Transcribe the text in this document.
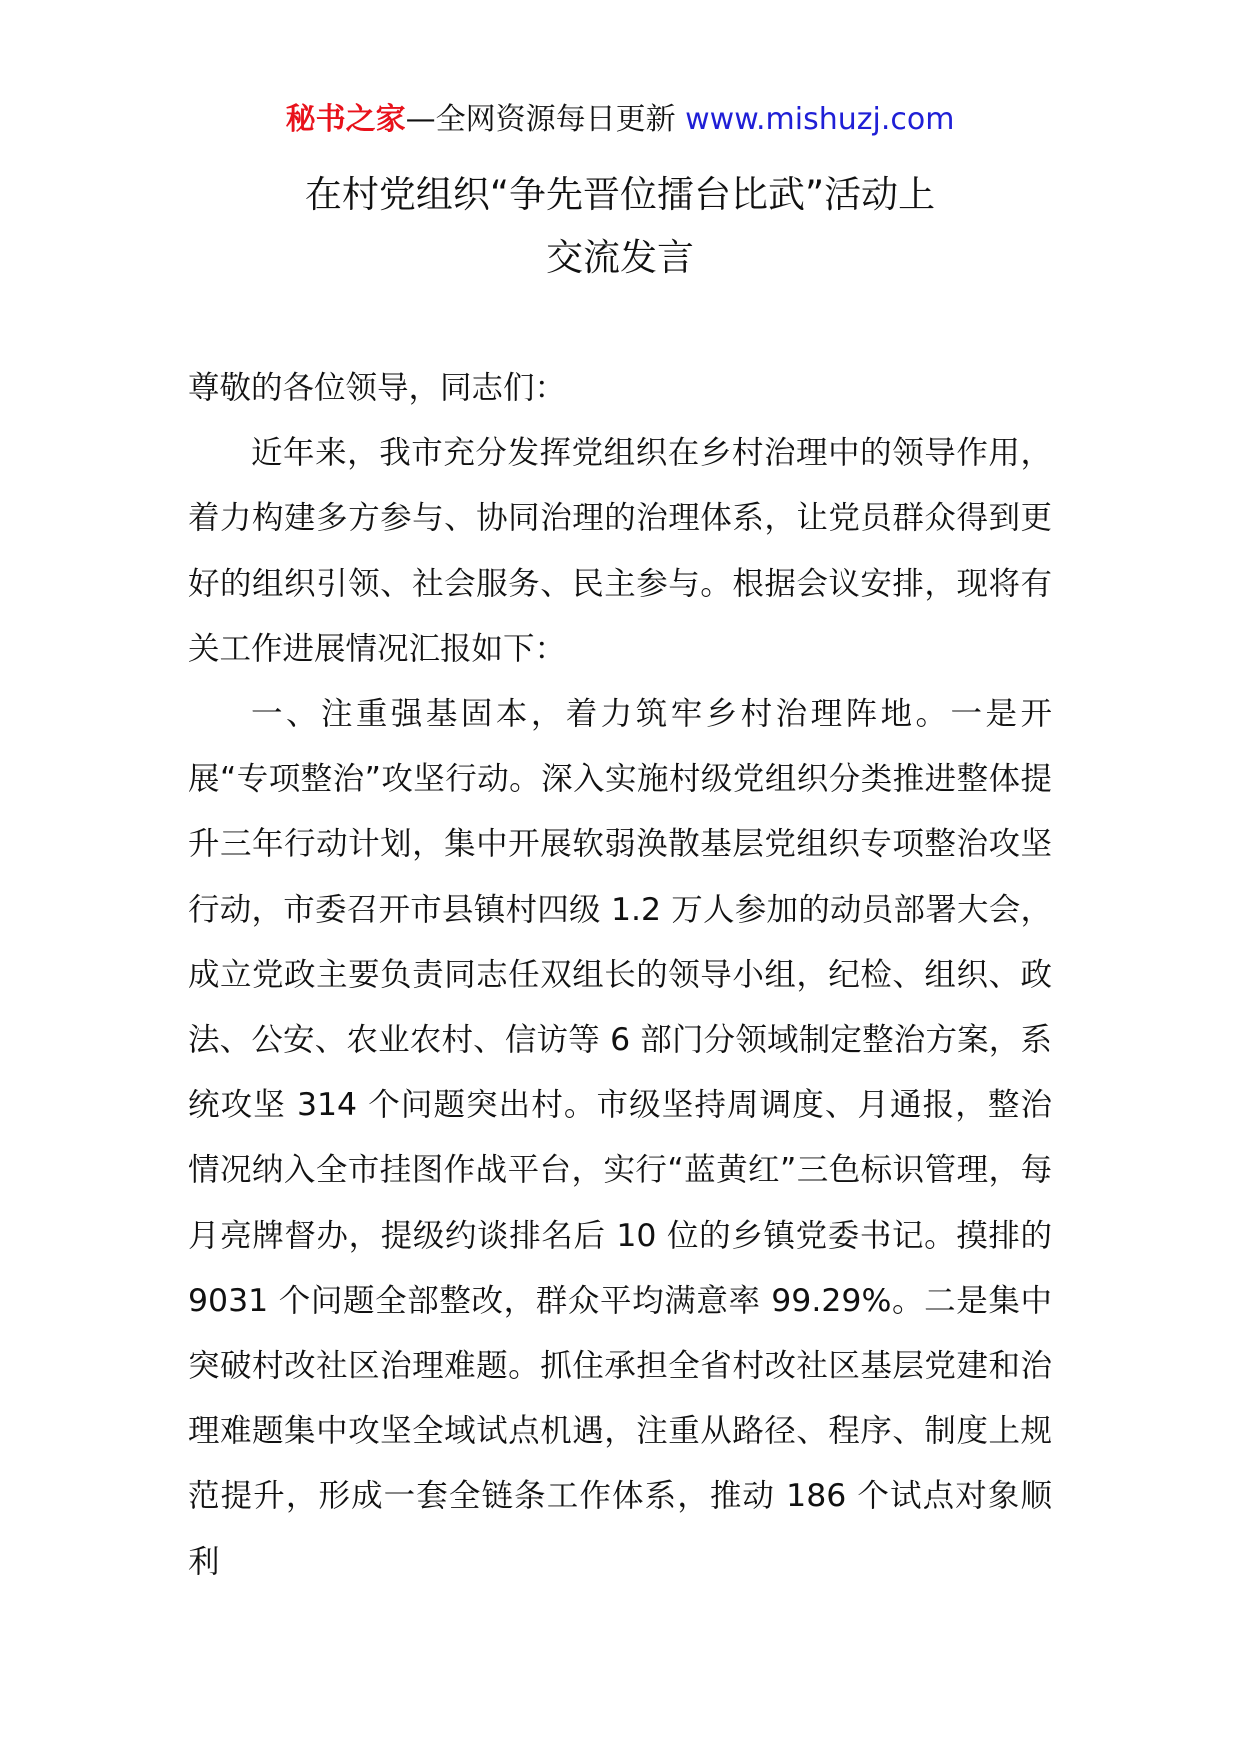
秘书之家—全网资源每日更新 www.mishuzj.com
在村党组织“争先晋位擂台比武”活动上
交流发言

尊敬的各位领导，同志们：

近年来，我市充分发挥党组织在乡村治理中的领导作用，着力构建多方参与、协同治理的治理体系，让党员群众得到更好的组织引领、社会服务、民主参与。根据会议安排，现将有关工作进展情况汇报如下：

一、注重强基固本，着力筑牢乡村治理阵地。一是开展“专项整治”攻坚行动。深入实施村级党组织分类推进整体提升三年行动计划，集中开展软弱涣散基层党组织专项整治攻坚行动，市委召开市县镇村四级 1.2 万人参加的动员部署大会，成立党政主要负责同志任双组长的领导小组，纪检、组织、政法、公安、农业农村、信访等 6 部门分领域制定整治方案，系统攻坚 314 个问题突出村。市级坚持周调度、月通报，整治情况纳入全市挂图作战平台，实行“蓝黄红”三色标识管理，每月亮牌督办，提级约谈排名后 10 位的乡镇党委书记。摸排的 9031 个问题全部整改，群众平均满意率 99.29%。二是集中突破村改社区治理难题。抓住承担全省村改社区基层党建和治理难题集中攻坚全域试点机遇，注重从路径、程序、制度上规范提升，形成一套全链条工作体系，推动 186 个试点对象顺利
